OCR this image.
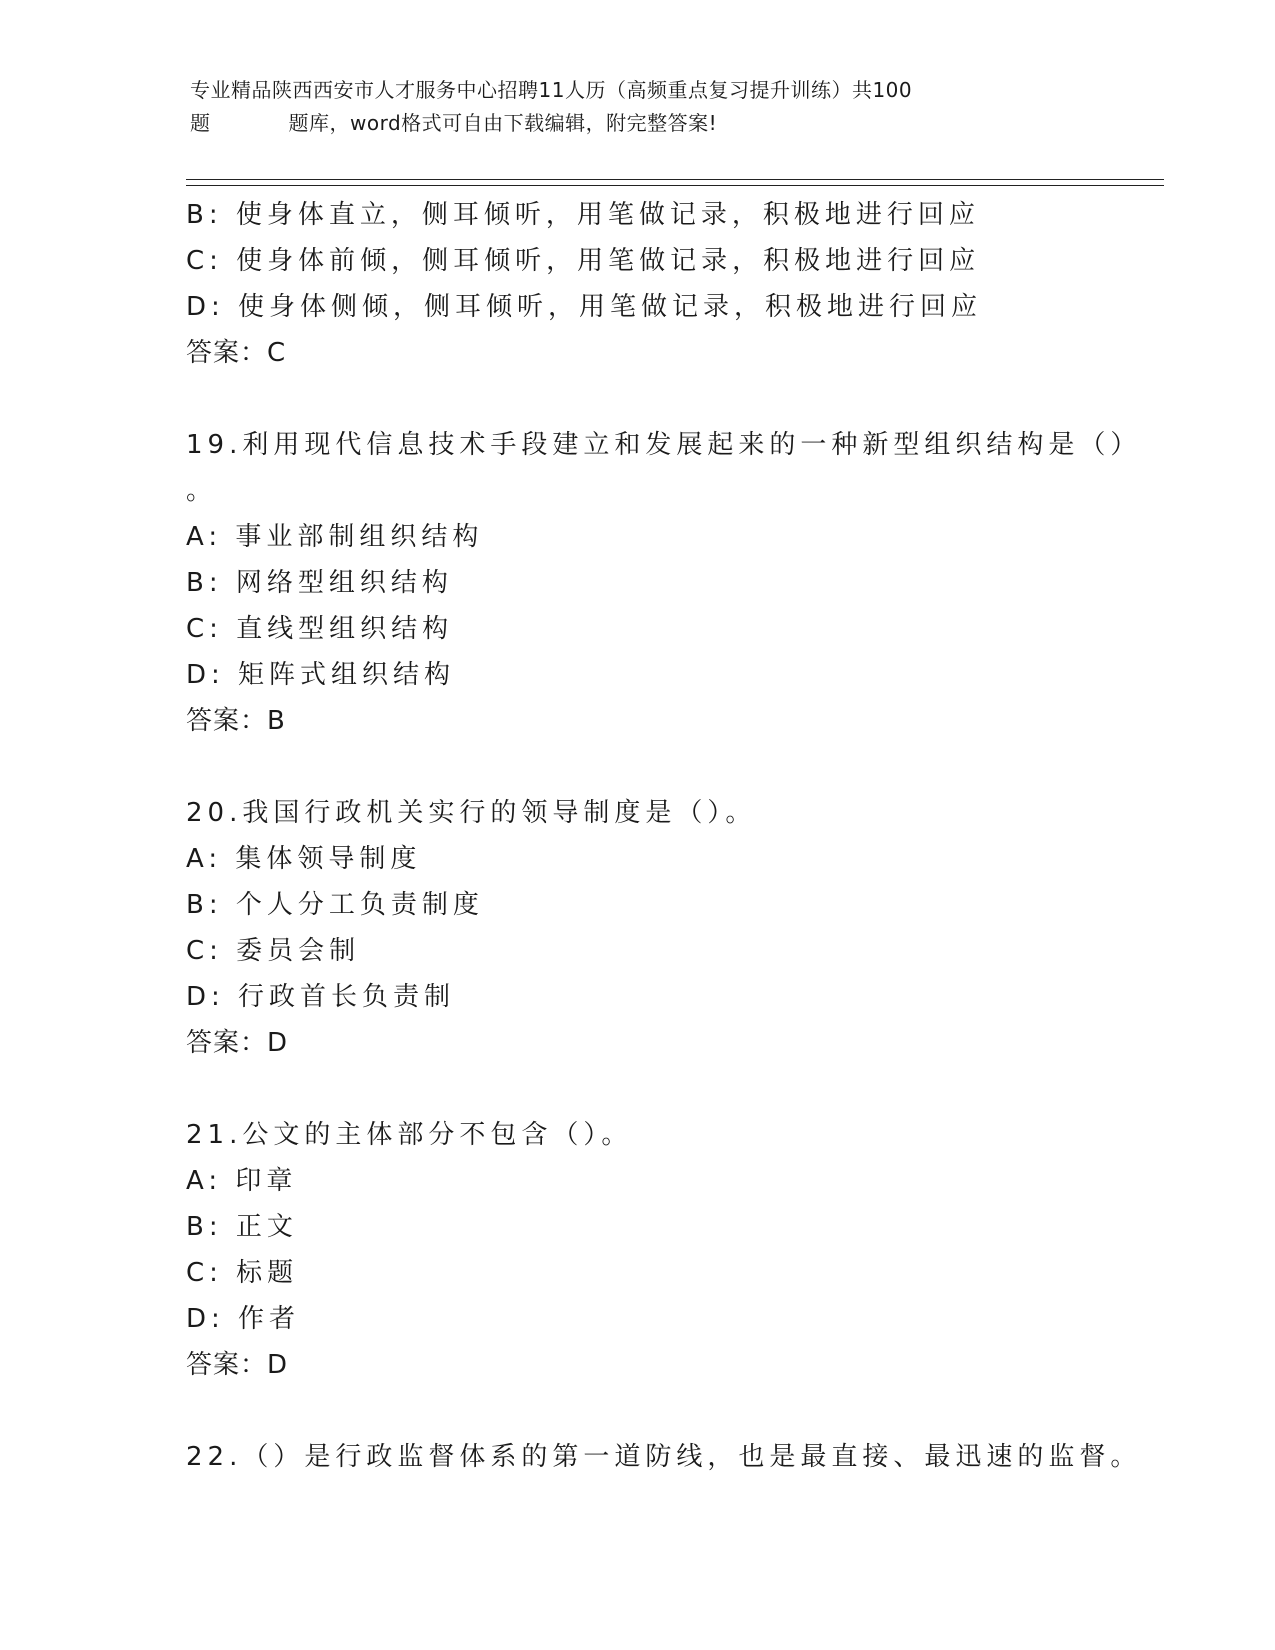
专业精品陕西西安市人才服务中心招聘11人历（高频重点复习提升训练）共100
题	题库，word格式可自由下载编辑，附完整答案!
B: 使身体直立，侧耳倾听，用笔做记录，积极地进行回应
C: 使身体前倾，侧耳倾听，用笔做记录，积极地进行回应
D: 使身体侧倾，侧耳倾听，用笔做记录，积极地进行回应
答案：C
19.利用现代信息技术手段建立和发展起来的一种新型组织结构是（）
。
A: 事业部制组织结构
B: 网络型组织结构
C: 直线型组织结构
D: 矩阵式组织结构
答案：B
20.我国行政机关实行的领导制度是（）。
A: 集体领导制度
B: 个人分工负责制度
C: 委员会制
D: 行政首长负责制
答案：D
21.公文的主体部分不包含（）。
A: 印章
B: 正文
C: 标题
D: 作者
答案：D
22.（）是行政监督体系的第一道防线，也是最直接、最迅速的监督。
